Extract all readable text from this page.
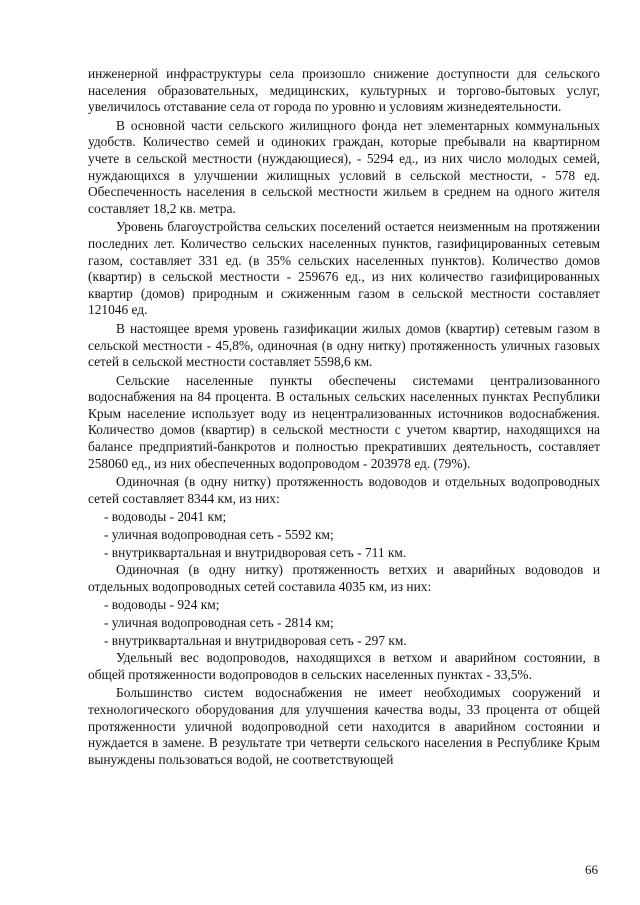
инженерной инфраструктуры села произошло снижение доступности для сельского населения образовательных, медицинских, культурных и торгово-бытовых услуг, увеличилось отставание села от города по уровню и условиям жизнедеятельности.

В основной части сельского жилищного фонда нет элементарных коммунальных удобств. Количество семей и одиноких граждан, которые пребывали на квартирном учете в сельской местности (нуждающиеся), - 5294 ед., из них число молодых семей, нуждающихся в улучшении жилищных условий в сельской местности, - 578 ед. Обеспеченность населения в сельской местности жильем в среднем на одного жителя составляет 18,2 кв. метра.

Уровень благоустройства сельских поселений остается неизменным на протяжении последних лет. Количество сельских населенных пунктов, газифицированных сетевым газом, составляет 331 ед. (в 35% сельских населенных пунктов). Количество домов (квартир) в сельской местности - 259676 ед., из них количество газифицированных квартир (домов) природным и сжиженным газом в сельской местности составляет 121046 ед.

В настоящее время уровень газификации жилых домов (квартир) сетевым газом в сельской местности - 45,8%, одиночная (в одну нитку) протяженность уличных газовых сетей в сельской местности составляет 5598,6 км.

Сельские населенные пункты обеспечены системами централизованного водоснабжения на 84 процента. В остальных сельских населенных пунктах Республики Крым население использует воду из нецентрализованных источников водоснабжения. Количество домов (квартир) в сельской местности с учетом квартир, находящихся на балансе предприятий-банкротов и полностью прекративших деятельность, составляет 258060 ед., из них обеспеченных водопроводом - 203978 ед. (79%).

Одиночная (в одну нитку) протяженность водоводов и отдельных водопроводных сетей составляет 8344 км, из них:

- водоводы - 2041 км;

- уличная водопроводная сеть - 5592 км;

- внутриквартальная и внутридворовая сеть - 711 км.

Одиночная (в одну нитку) протяженность ветхих и аварийных водоводов и отдельных водопроводных сетей составила 4035 км, из них:

- водоводы - 924 км;

- уличная водопроводная сеть - 2814 км;

- внутриквартальная и внутридворовая сеть - 297 км.

Удельный вес водопроводов, находящихся в ветхом и аварийном состоянии, в общей протяженности водопроводов в сельских населенных пунктах - 33,5%.

Большинство систем водоснабжения не имеет необходимых сооружений и технологического оборудования для улучшения качества воды, 33 процента от общей протяженности уличной водопроводной сети находится в аварийном состоянии и нуждается в замене. В результате три четверти сельского населения в Республике Крым вынуждены пользоваться водой, не соответствующей

66
